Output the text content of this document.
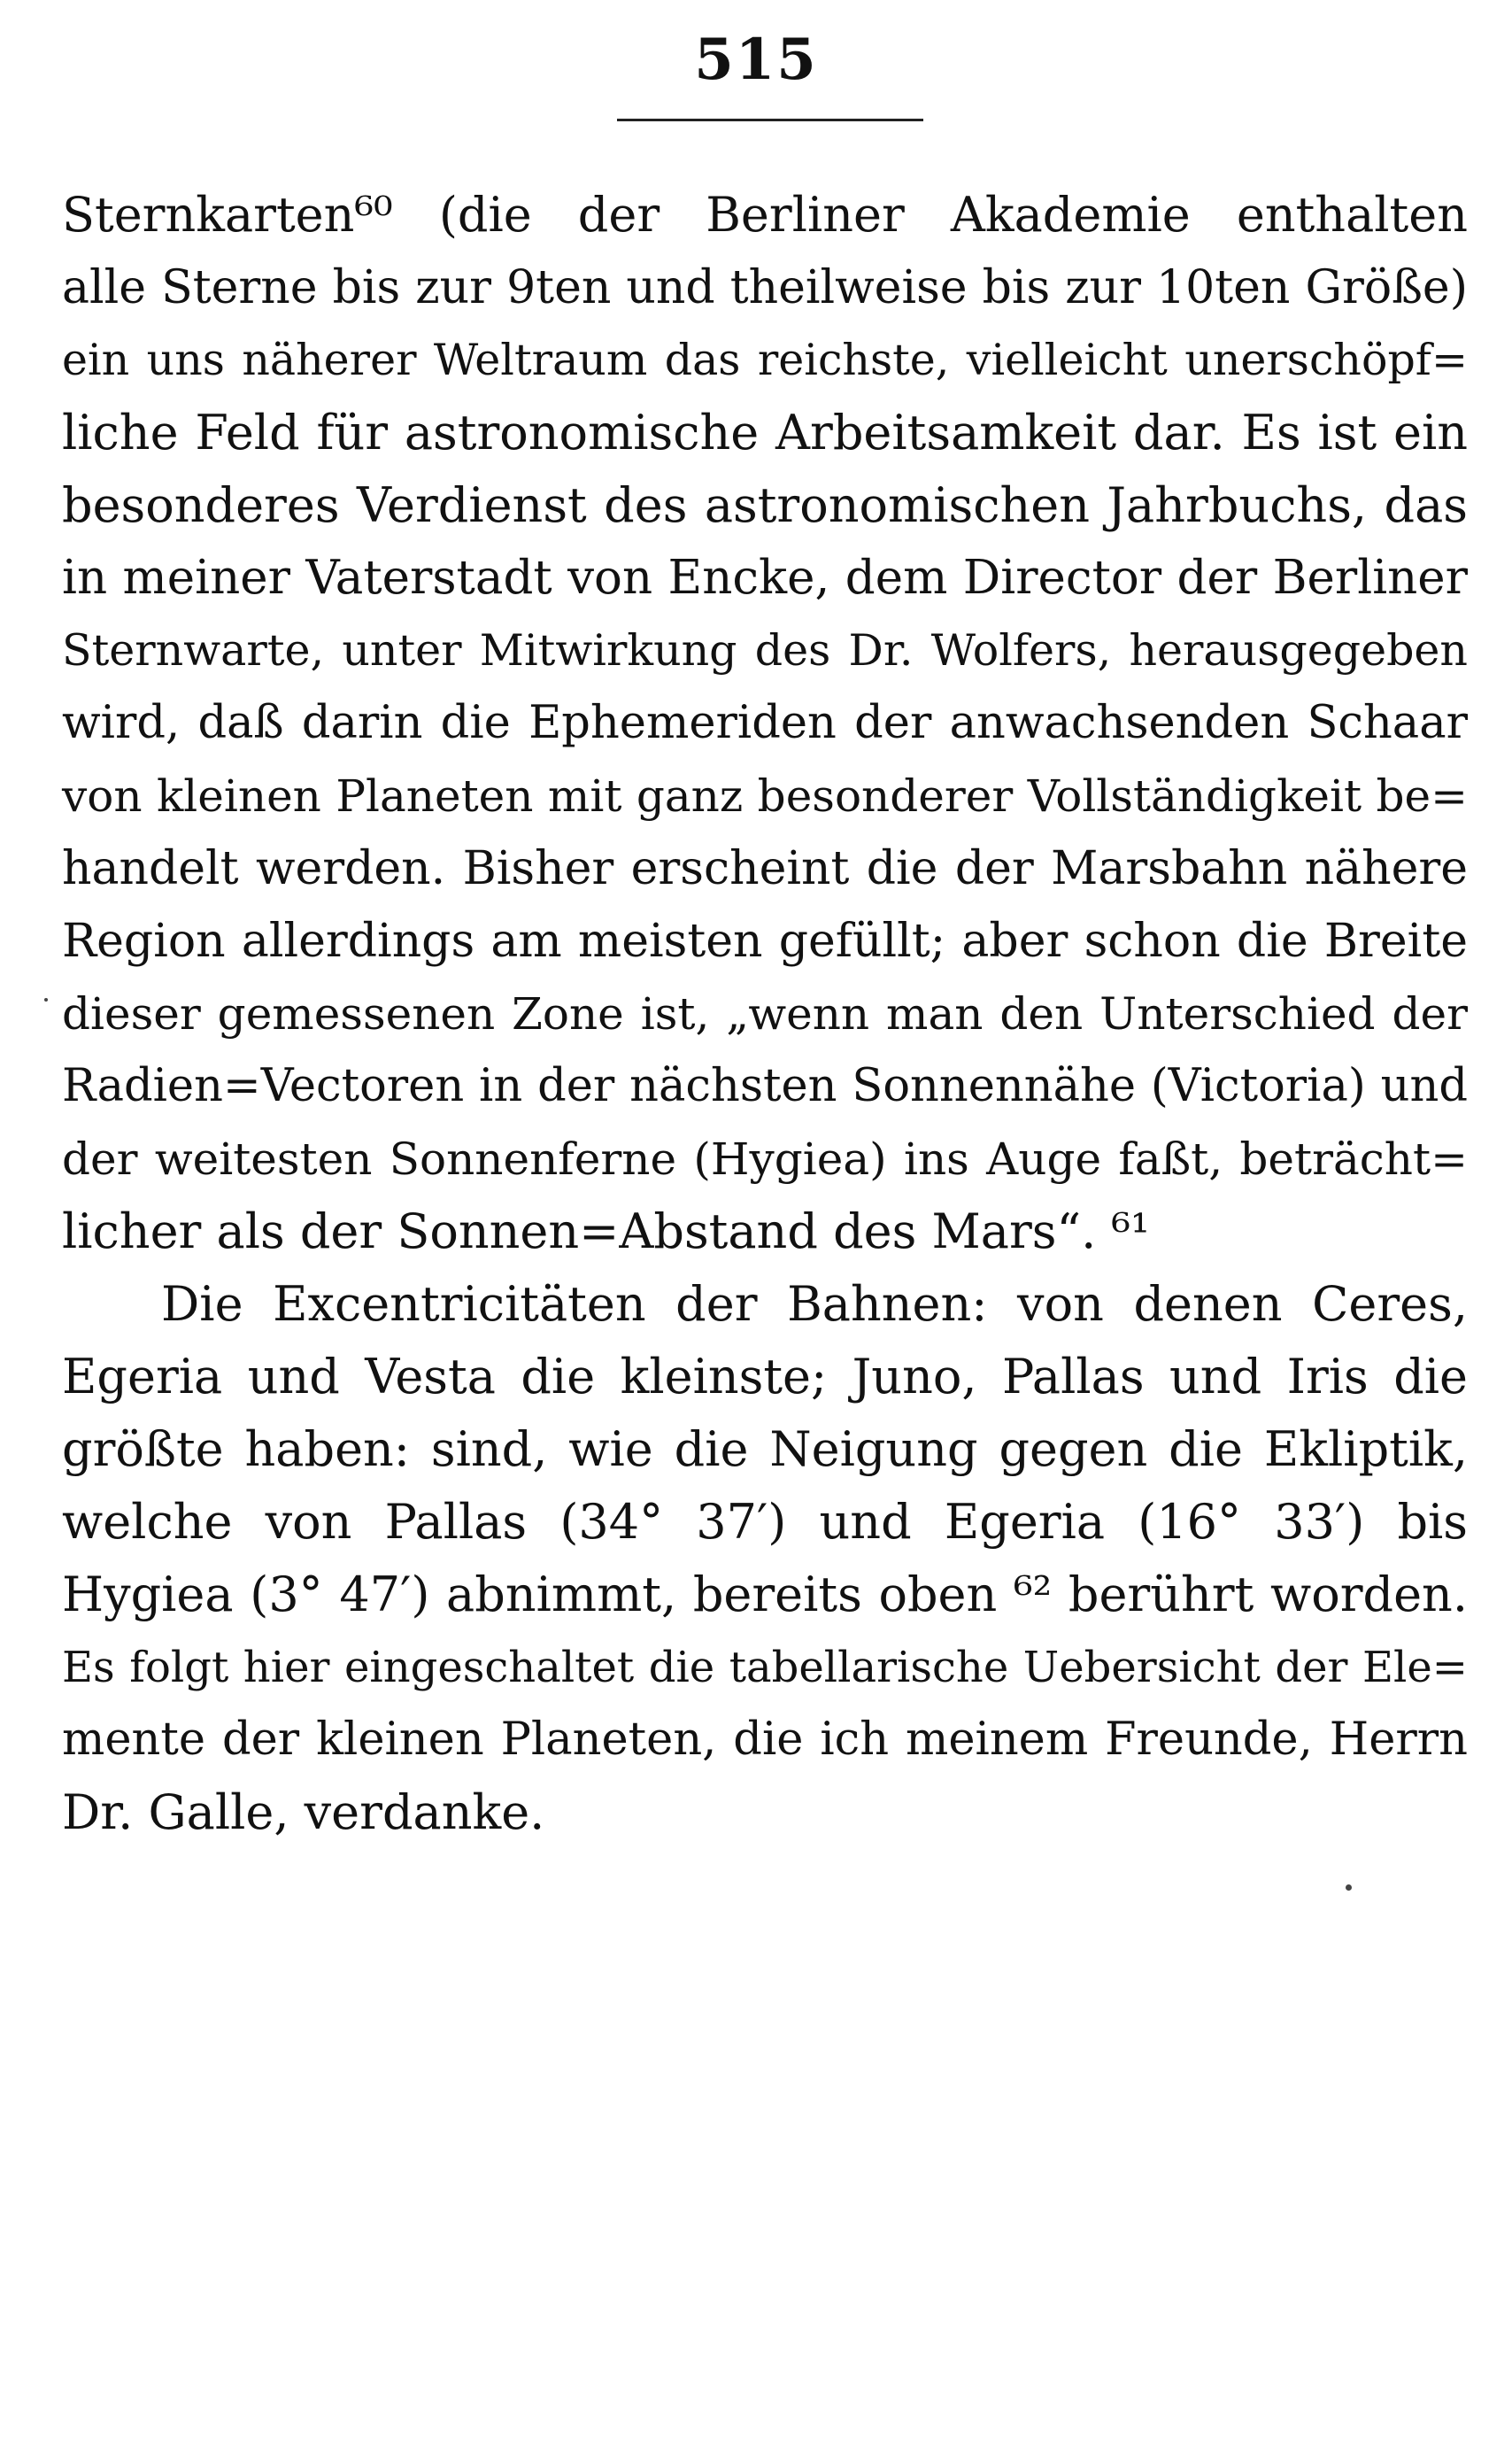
515
Sternkarten⁶⁰ (die der Berliner Akademie enthalten
alle Sterne bis zur 9ten und theilweise bis zur 10ten Größe)
ein uns näherer Weltraum das reichste, vielleicht unerschöpf=
liche Feld für astronomische Arbeitsamkeit dar. Es ist ein
besonderes Verdienst des astronomischen Jahrbuchs, das
in meiner Vaterstadt von Encke, dem Director der Berliner
Sternwarte, unter Mitwirkung des Dr. Wolfers, herausgegeben
wird, daß darin die Ephemeriden der anwachsenden Schaar
von kleinen Planeten mit ganz besonderer Vollständigkeit be=
handelt werden. Bisher erscheint die der Marsbahn nähere
Region allerdings am meisten gefüllt; aber schon die Breite
dieser gemessenen Zone ist, „wenn man den Unterschied der
Radien=Vectoren in der nächsten Sonnennähe (Victoria) und
der weitesten Sonnenferne (Hygiea) ins Auge faßt, beträcht=
licher als der Sonnen=Abstand des Mars“. ⁶¹
Die Excentricitäten der Bahnen: von denen Ceres,
Egeria und Vesta die kleinste; Juno, Pallas und Iris die
größte haben: sind, wie die Neigung gegen die Ekliptik,
welche von Pallas (34° 37′) und Egeria (16° 33′) bis
Hygiea (3° 47′) abnimmt, bereits oben ⁶² berührt worden.
Es folgt hier eingeschaltet die tabellarische Uebersicht der Ele=
mente der kleinen Planeten, die ich meinem Freunde, Herrn
Dr. Galle, verdanke.
